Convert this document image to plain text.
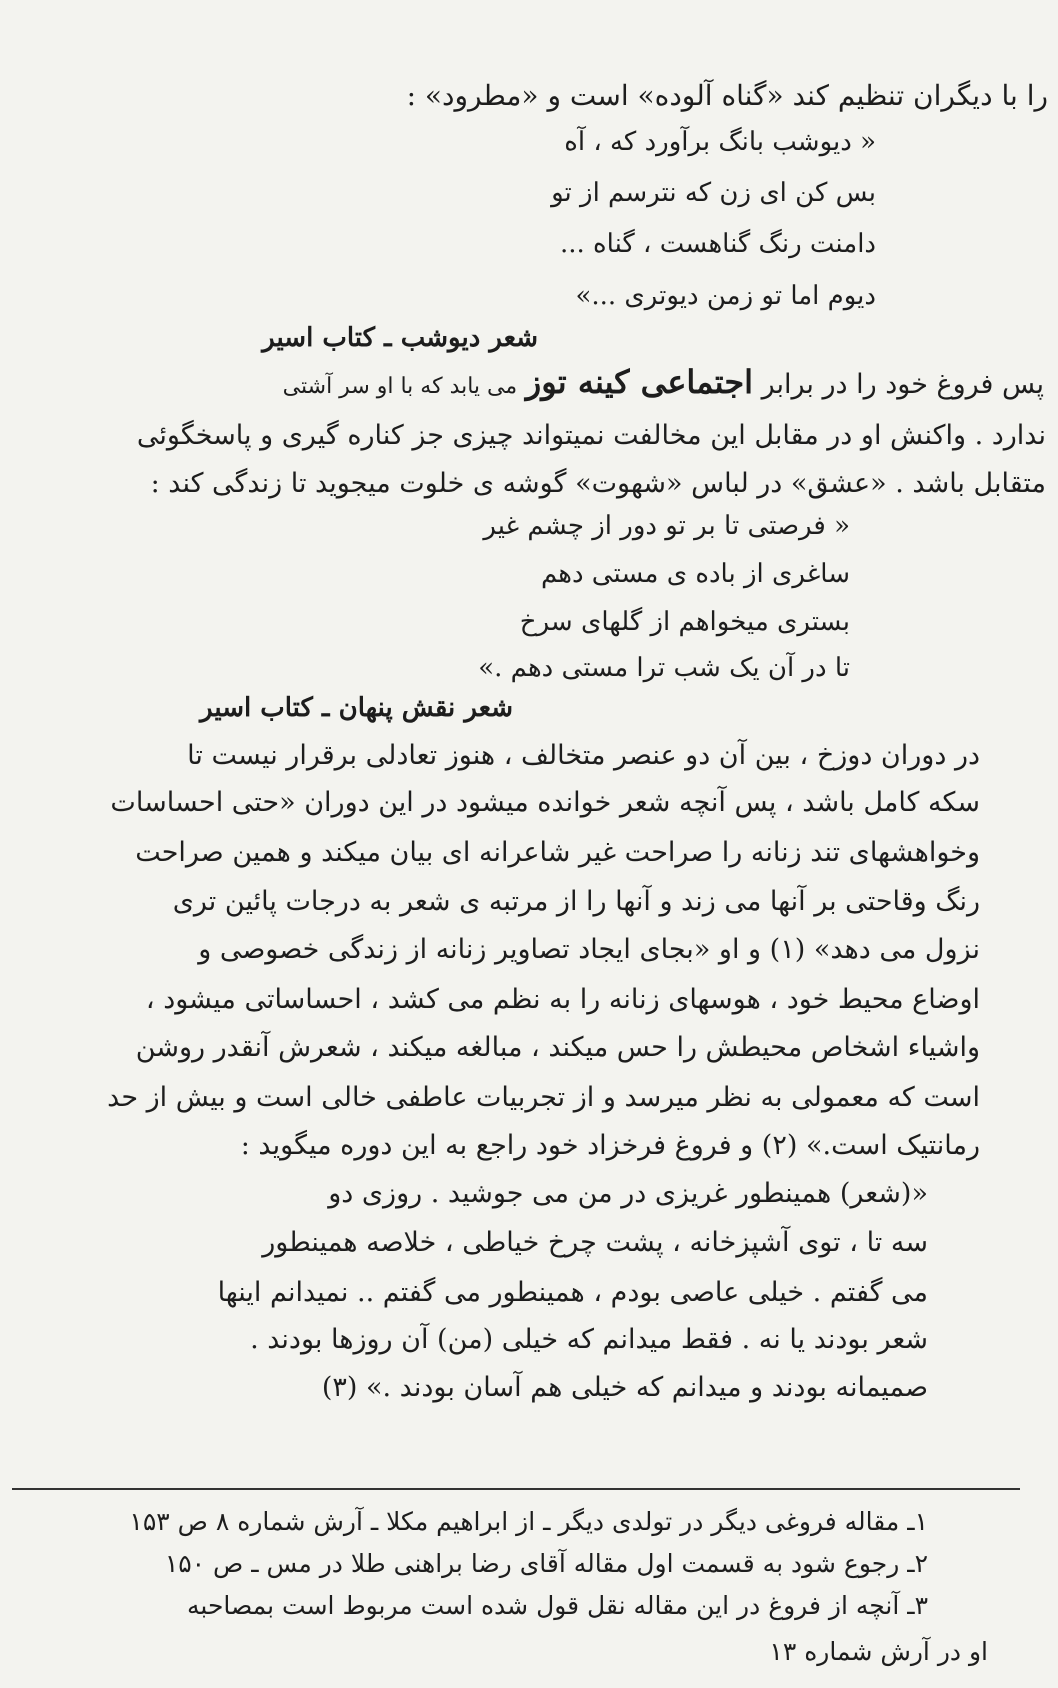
را با دیگران تنظیم کند «گناه آلوده» است و «مطرود» :
« دیوشب بانگ برآورد که ، آه
بس کن ای زن که نترسم از تو
دامنت رنگ گناهست ، گناه ...
دیوم اما تو زمن دیوتری ...»
شعر دیوشب ـ کتاب اسیر
پس فروغ خود را در برابر اجتماعی کینه توز می یابد که با او سر آشتی
ندارد . واکنش او در مقابل این مخالفت نمیتواند چیزی جز کناره گیری و پاسخگوئی
متقابل باشد . «عشق» در لباس «شهوت» گوشه ی خلوت میجوید تا زندگی کند :
« فرصتی تا بر تو دور از چشم غیر
ساغری از باده ی مستی دهم
بستری میخواهم از گلهای سرخ
تا در آن یک شب ترا مستی دهم .»
شعر نقش پنهان ـ کتاب اسیر
در دوران دوزخ ، بین آن دو عنصر متخالف ، هنوز تعادلی برقرار نیست تا
سکه کامل باشد ، پس آنچه شعر خوانده میشود در این دوران «حتی احساسات
وخواهشهای تند زنانه را صراحت غیر شاعرانه ای بیان میکند و همین صراحت
رنگ وقاحتی بر آنها می زند و آنها را از مرتبه ی شعر به درجات پائین تری
نزول می دهد» (۱) و او «بجای ایجاد تصاویر زنانه از زندگی خصوصی و
اوضاع محیط خود ، هوسهای زنانه را به نظم می کشد ، احساساتی میشود ،
واشیاء اشخاص محیطش را حس میکند ، مبالغه میکند ، شعرش آنقدر روشن
است که معمولی به نظر میرسد و از تجربیات عاطفی خالی است و بیش از حد
رمانتیک است.» (۲) و فروغ فرخزاد خود راجع به این دوره میگوید :
«(شعر) همینطور غریزی در من می جوشید . روزی دو
سه تا ، توی آشپزخانه ، پشت چرخ خیاطی ، خلاصه همینطور
می گفتم . خیلی عاصی بودم ، همینطور می گفتم .. نمیدانم اینها
شعر بودند یا نه . فقط میدانم که خیلی (من) آن روزها بودند .
صمیمانه بودند و میدانم که خیلی هم آسان بودند .» (۳)
۱ـ مقاله فروغی دیگر در تولدی دیگر ـ از ابراهیم مکلا ـ آرش شماره ۸ ص ۱۵۳
۲ـ رجوع شود به قسمت اول مقاله آقای رضا براهنی طلا در مس ـ ص ۱۵۰
۳ـ آنچه از فروغ در این مقاله نقل قول شده است مربوط است بمصاحبه
او در آرش شماره ۱۳
